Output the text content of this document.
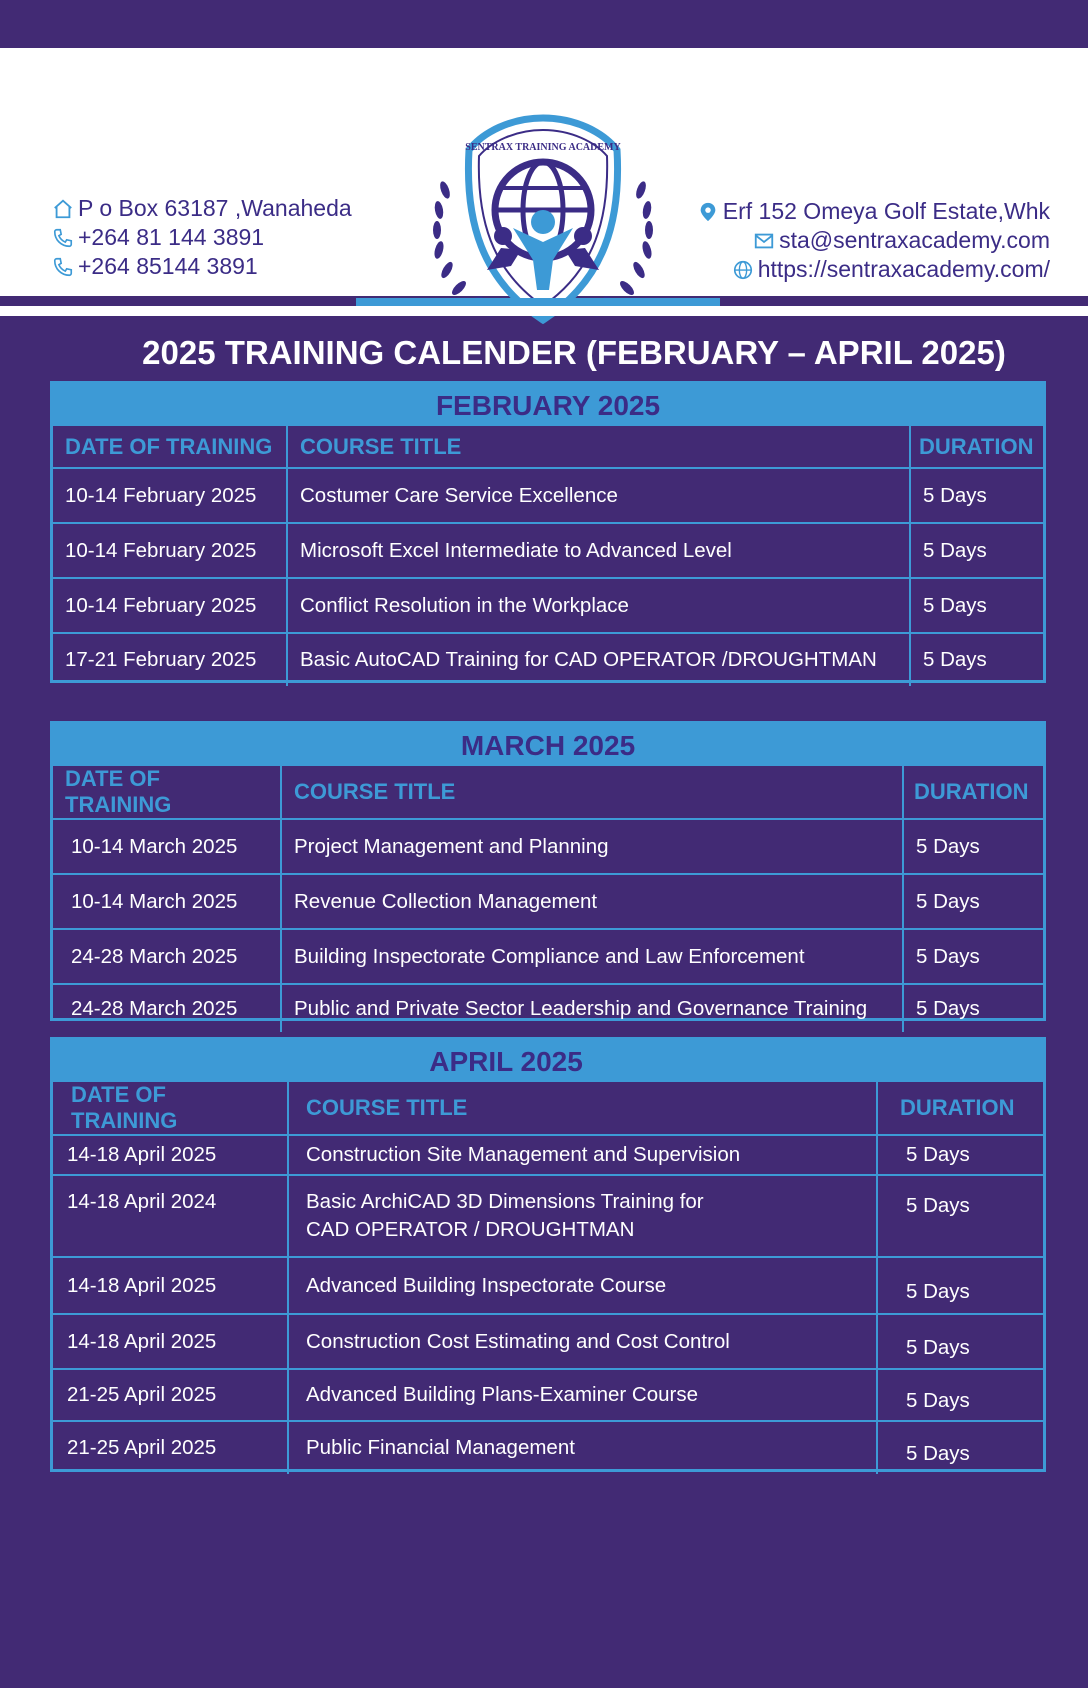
P o Box 63187 ,Wanaheda
+264 81 144 3891
+264 85144 3891
SENTRAX TRAINING ACADEMY
Erf 152 Omeya Golf Estate,Whk
sta@sentraxacademy.com
https://sentraxacademy.com/
2025 TRAINING CALENDER (FEBRUARY – APRIL 2025)
FEBRUARY 2025
DATE OF TRAINING	COURSE TITLE	DURATION
10-14 February 2025	Costumer Care Service Excellence	5 Days
10-14 February 2025	Microsoft Excel Intermediate to Advanced Level	5 Days
10-14 February 2025	Conflict Resolution in the Workplace	5 Days
17-21 February 2025	Basic AutoCAD Training for CAD OPERATOR /DROUGHTMAN	5 Days
MARCH 2025
DATE OF TRAINING	COURSE TITLE	DURATION
10-14 March 2025	Project Management and Planning	5 Days
10-14 March 2025	Revenue Collection Management	5 Days
24-28 March 2025	Building Inspectorate Compliance and Law Enforcement	5 Days
24-28 March 2025	Public and Private Sector Leadership and Governance Training	5 Days
APRIL 2025
DATE OF TRAINING	COURSE TITLE	DURATION
14-18 April 2025	Construction Site Management and Supervision	5 Days
14-18 April 2024	Basic ArchiCAD 3D Dimensions Training for
CAD OPERATOR / DROUGHTMAN	5 Days
14-18 April 2025	Advanced Building Inspectorate Course	5 Days
14-18 April 2025	Construction Cost Estimating and Cost Control	5 Days
21-25 April 2025	Advanced Building Plans-Examiner Course	5 Days
21-25 April 2025	Public Financial Management	5 Days
